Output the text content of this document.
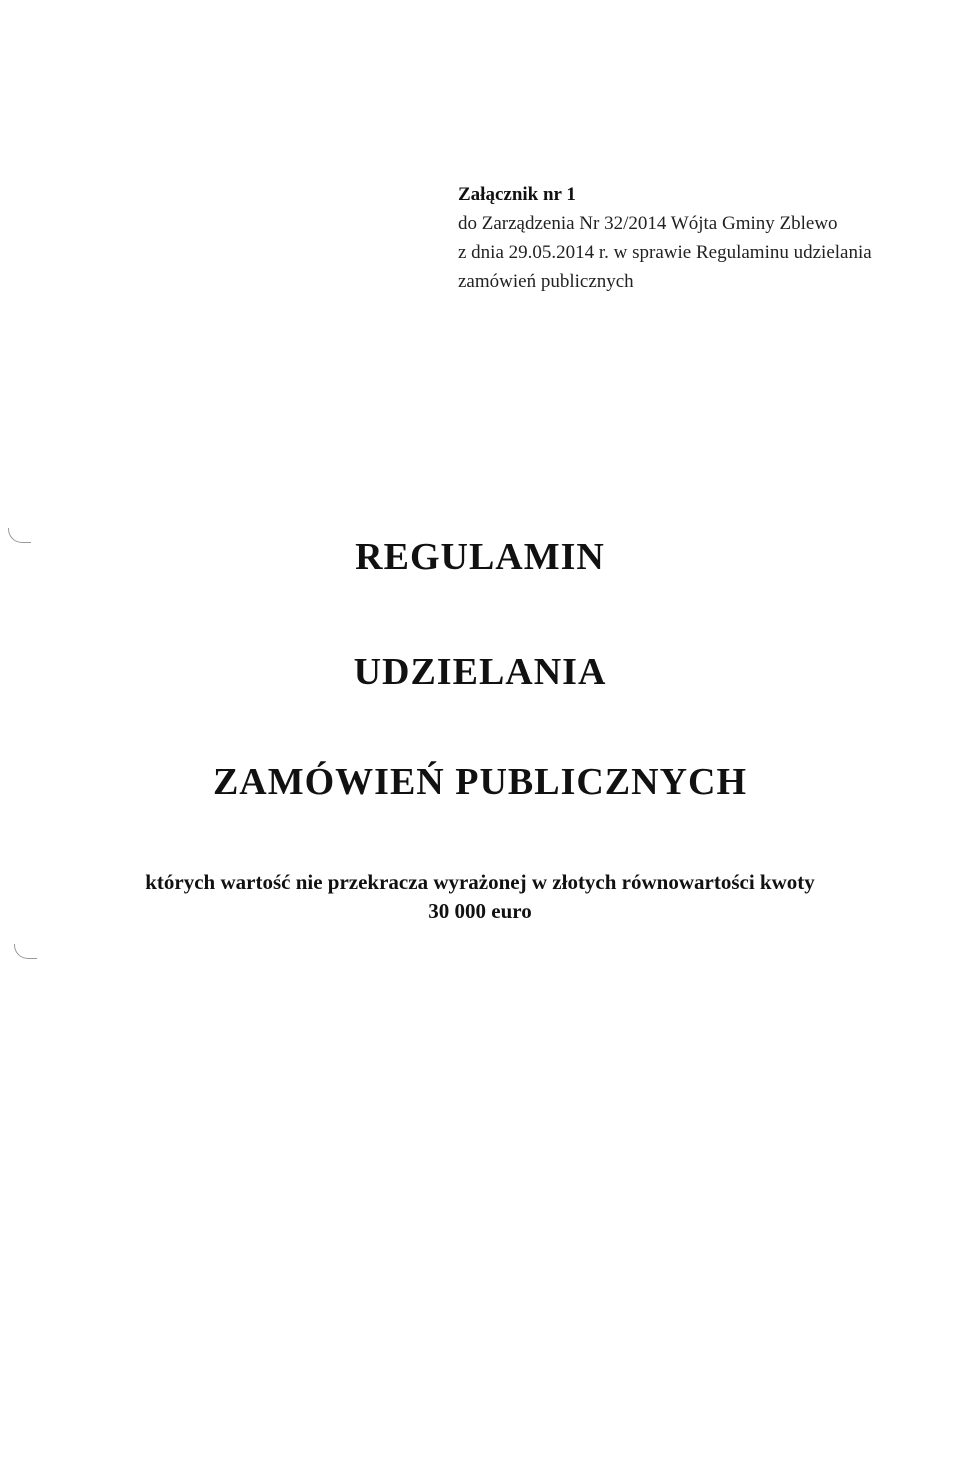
Załącznik nr 1
do Zarządzenia Nr 32/2014 Wójta Gminy Zblewo
z dnia 29.05.2014 r. w sprawie Regulaminu udzielania
zamówień publicznych
REGULAMIN
UDZIELANIA
ZAMÓWIEŃ PUBLICZNYCH
których wartość nie przekracza wyrażonej w złotych równowartości kwoty
30 000 euro
